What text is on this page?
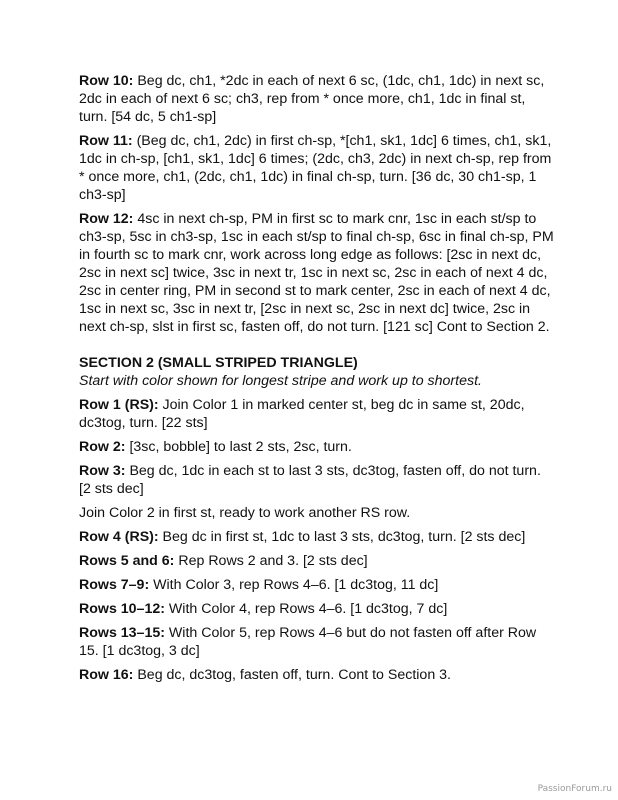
Row 10: Beg dc, ch1, *2dc in each of next 6 sc, (1dc, ch1, 1dc) in next sc, 2dc in each of next 6 sc; ch3, rep from * once more, ch1, 1dc in final st, turn. [54 dc, 5 ch1-sp]

Row 11: (Beg dc, ch1, 2dc) in first ch-sp, *[ch1, sk1, 1dc] 6 times, ch1, sk1, 1dc in ch-sp, [ch1, sk1, 1dc] 6 times; (2dc, ch3, 2dc) in next ch-sp, rep from * once more, ch1, (2dc, ch1, 1dc) in final ch-sp, turn. [36 dc, 30 ch1-sp, 1 ch3-sp]

Row 12: 4sc in next ch-sp, PM in first sc to mark cnr, 1sc in each st/sp to ch3-sp, 5sc in ch3-sp, 1sc in each st/sp to final ch-sp, 6sc in final ch-sp, PM in fourth sc to mark cnr, work across long edge as follows: [2sc in next dc, 2sc in next sc] twice, 3sc in next tr, 1sc in next sc, 2sc in each of next 4 dc, 2sc in center ring, PM in second st to mark center, 2sc in each of next 4 dc, 1sc in next sc, 3sc in next tr, [2sc in next sc, 2sc in next dc] twice, 2sc in next ch-sp, slst in first sc, fasten off, do not turn. [121 sc] Cont to Section 2.

SECTION 2 (SMALL STRIPED TRIANGLE)

Start with color shown for longest stripe and work up to shortest.

Row 1 (RS): Join Color 1 in marked center st, beg dc in same st, 20dc, dc3tog, turn. [22 sts]

Row 2: [3sc, bobble] to last 2 sts, 2sc, turn.

Row 3: Beg dc, 1dc in each st to last 3 sts, dc3tog, fasten off, do not turn. [2 sts dec]

Join Color 2 in first st, ready to work another RS row.

Row 4 (RS): Beg dc in first st, 1dc to last 3 sts, dc3tog, turn. [2 sts dec]

Rows 5 and 6: Rep Rows 2 and 3. [2 sts dec]

Rows 7–9: With Color 3, rep Rows 4–6. [1 dc3tog, 11 dc]

Rows 10–12: With Color 4, rep Rows 4–6. [1 dc3tog, 7 dc]

Rows 13–15: With Color 5, rep Rows 4–6 but do not fasten off after Row 15. [1 dc3tog, 3 dc]

Row 16: Beg dc, dc3tog, fasten off, turn. Cont to Section 3.

PassionForum.ru
